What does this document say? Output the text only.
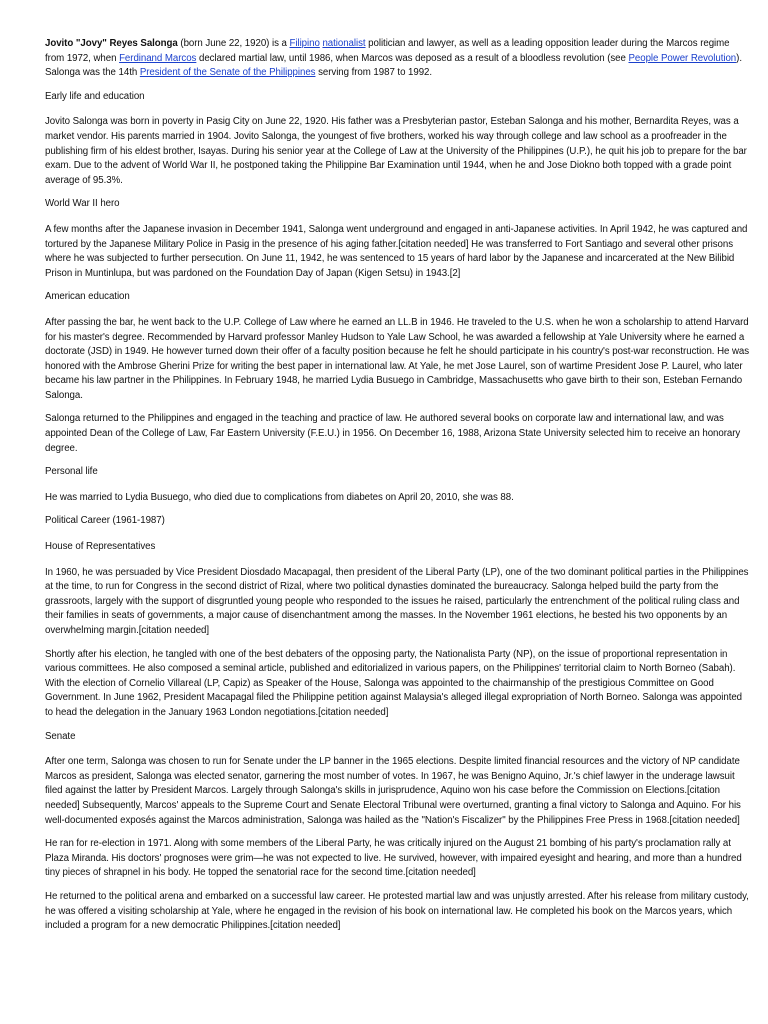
Jovito "Jovy" Reyes Salonga (born June 22, 1920) is a Filipino nationalist politician and lawyer, as well as a leading opposition leader during the Marcos regime from 1972, when Ferdinand Marcos declared martial law, until 1986, when Marcos was deposed as a result of a bloodless revolution (see People Power Revolution). Salonga was the 14th President of the Senate of the Philippines serving from 1987 to 1992.

Early life and education

Jovito Salonga was born in poverty in Pasig City on June 22, 1920. His father was a Presbyterian pastor, Esteban Salonga and his mother, Bernardita Reyes, was a market vendor. His parents married in 1904. Jovito Salonga, the youngest of five brothers, worked his way through college and law school as a proofreader in the publishing firm of his eldest brother, Isayas. During his senior year at the College of Law at the University of the Philippines (U.P.), he quit his job to prepare for the bar exam. Due to the advent of World War II, he postponed taking the Philippine Bar Examination until 1944, when he and Jose Diokno both topped with a grade point average of 95.3%.

World War II hero

A few months after the Japanese invasion in December 1941, Salonga went underground and engaged in anti-Japanese activities. In April 1942, he was captured and tortured by the Japanese Military Police in Pasig in the presence of his aging father.[citation needed] He was transferred to Fort Santiago and several other prisons where he was subjected to further persecution. On June 11, 1942, he was sentenced to 15 years of hard labor by the Japanese and incarcerated at the New Bilibid Prison in Muntinlupa, but was pardoned on the Foundation Day of Japan (Kigen Setsu) in 1943.[2]

American education

After passing the bar, he went back to the U.P. College of Law where he earned an LL.B in 1946. He traveled to the U.S. when he won a scholarship to attend Harvard for his master's degree. Recommended by Harvard professor Manley Hudson to Yale Law School, he was awarded a fellowship at Yale University where he earned a doctorate (JSD) in 1949. He however turned down their offer of a faculty position because he felt he should participate in his country's post-war reconstruction. He was honored with the Ambrose Gherini Prize for writing the best paper in international law. At Yale, he met Jose Laurel, son of wartime President Jose P. Laurel, who later became his law partner in the Philippines. In February 1948, he married Lydia Busuego in Cambridge, Massachusetts who gave birth to their son, Esteban Fernando Salonga.

Salonga returned to the Philippines and engaged in the teaching and practice of law. He authored several books on corporate law and international law, and was appointed Dean of the College of Law, Far Eastern University (F.E.U.) in 1956. On December 16, 1988, Arizona State University selected him to receive an honorary degree.

Personal life

He was married to Lydia Busuego, who died due to complications from diabetes on April 20, 2010, she was 88.

Political Career (1961-1987)

House of Representatives

In 1960, he was persuaded by Vice President Diosdado Macapagal, then president of the Liberal Party (LP), one of the two dominant political parties in the Philippines at the time, to run for Congress in the second district of Rizal, where two political dynasties dominated the bureaucracy. Salonga helped build the party from the grassroots, largely with the support of disgruntled young people who responded to the issues he raised, particularly the entrenchment of the political ruling class and their families in seats of governments, a major cause of disenchantment among the masses. In the November 1961 elections, he bested his two opponents by an overwhelming margin.[citation needed]

Shortly after his election, he tangled with one of the best debaters of the opposing party, the Nationalista Party (NP), on the issue of proportional representation in various committees. He also composed a seminal article, published and editorialized in various papers, on the Philippines' territorial claim to North Borneo (Sabah). With the election of Cornelio Villareal (LP, Capiz) as Speaker of the House, Salonga was appointed to the chairmanship of the prestigious Committee on Good Government. In June 1962, President Macapagal filed the Philippine petition against Malaysia's alleged illegal expropriation of North Borneo. Salonga was appointed to head the delegation in the January 1963 London negotiations.[citation needed]

Senate

After one term, Salonga was chosen to run for Senate under the LP banner in the 1965 elections. Despite limited financial resources and the victory of NP candidate Marcos as president, Salonga was elected senator, garnering the most number of votes. In 1967, he was Benigno Aquino, Jr.'s chief lawyer in the underage lawsuit filed against the latter by President Marcos. Largely through Salonga's skills in jurisprudence, Aquino won his case before the Commission on Elections.[citation needed] Subsequently, Marcos' appeals to the Supreme Court and Senate Electoral Tribunal were overturned, granting a final victory to Salonga and Aquino. For his well-documented exposés against the Marcos administration, Salonga was hailed as the "Nation's Fiscalizer" by the Philippines Free Press in 1968.[citation needed]

He ran for re-election in 1971. Along with some members of the Liberal Party, he was critically injured on the August 21 bombing of his party's proclamation rally at Plaza Miranda. His doctors' prognoses were grim—he was not expected to live. He survived, however, with impaired eyesight and hearing, and more than a hundred tiny pieces of shrapnel in his body. He topped the senatorial race for the second time.[citation needed]

He returned to the political arena and embarked on a successful law career. He protested martial law and was unjustly arrested. After his release from military custody, he was offered a visiting scholarship at Yale, where he engaged in the revision of his book on international law. He completed his book on the Marcos years, which included a program for a new democratic Philippines.[citation needed]
